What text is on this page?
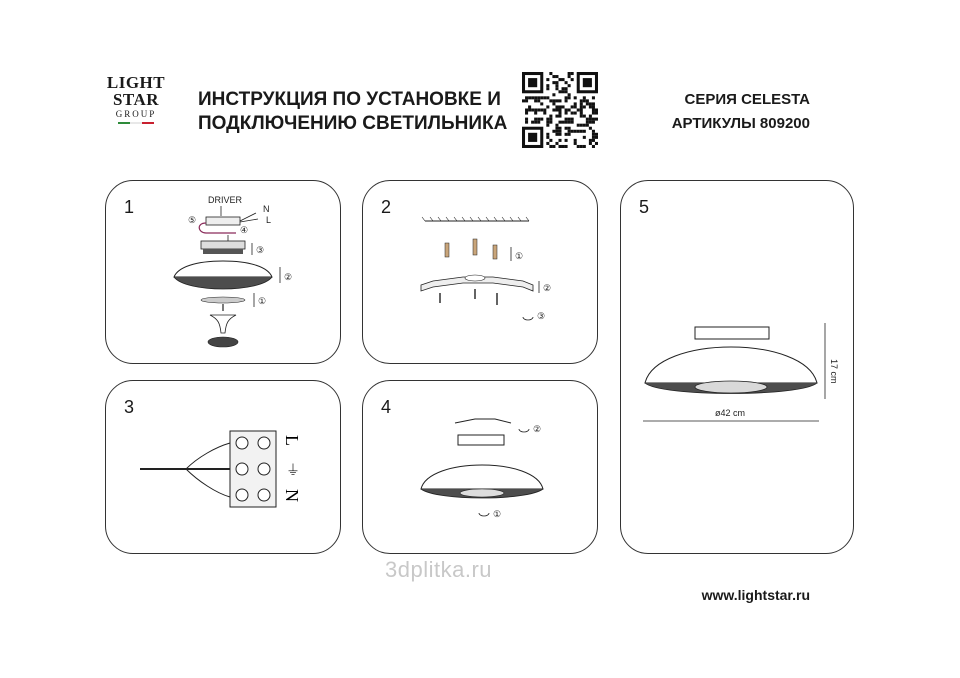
LIGHT
STAR
GROUP
ИНСТРУКЦИЯ ПО УСТАНОВКЕ И
ПОДКЛЮЧЕНИЮ СВЕТИЛЬНИКА
СЕРИЯ CELESTA
АРТИКУЛЫ 809200
1	DRIVER
N
L
⑤
④
③
②
①
2
①
②
③
5
17 cm
ø42 cm
3
L
⏚
N
4
②
①
3dplitka.ru
www.lightstar.ru
